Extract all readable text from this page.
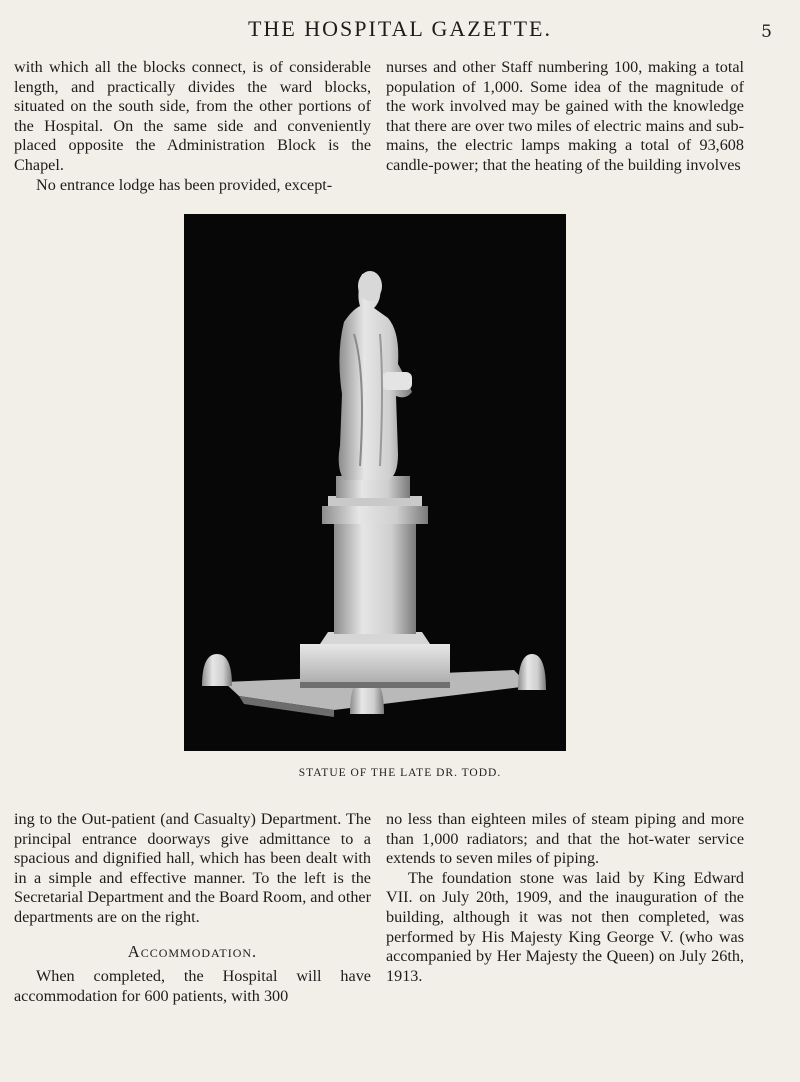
THE HOSPITAL GAZETTE.	5

with which all the blocks connect, is of considerable length, and practically divides the ward blocks, situated on the south side, from the other portions of the Hospital. On the same side and conveniently placed opposite the Administration Block is the Chapel.

No entrance lodge has been provided, except-

nurses and other Staff numbering 100, making a total population of 1,000. Some idea of the magnitude of the work involved may be gained with the knowledge that there are over two miles of electric mains and sub-mains, the electric lamps making a total of 93,608 candle-power; that the heating of the building involves

STATUE OF THE LATE DR. TODD.

ing to the Out-patient (and Casualty) Department. The principal entrance doorways give admittance to a spacious and dignified hall, which has been dealt with in a simple and effective manner. To the left is the Secretarial Department and the Board Room, and other departments are on the right.

Accommodation.

When completed, the Hospital will have accommodation for 600 patients, with 300

no less than eighteen miles of steam piping and more than 1,000 radiators; and that the hot-water service extends to seven miles of piping.

The foundation stone was laid by King Edward VII. on July 20th, 1909, and the inauguration of the building, although it was not then completed, was performed by His Majesty King George V. (who was accompanied by Her Majesty the Queen) on July 26th, 1913.
